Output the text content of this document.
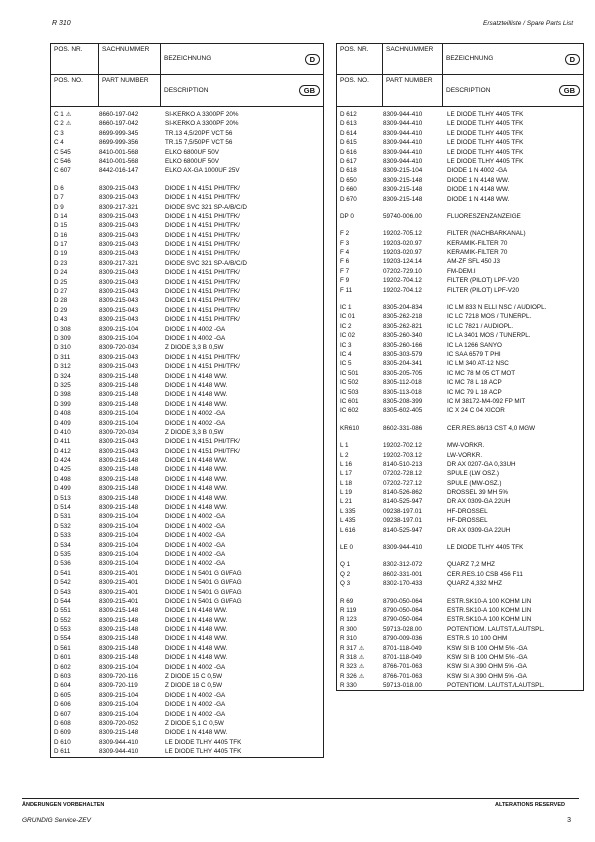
R 310	Ersatzteilliste / Spare Parts List
POS. NR.
POS. NO.
SACHNUMMER
PART NUMBER
BEZEICHNUNG	D
DESCRIPTION	GB
C 1 ⚠	8660-197-042	SI-KERKO A 3300PF 20%
C 2 ⚠	8660-197-042	SI-KERKO A 3300PF 20%
C 3	8699-999-345	TR.13 4,5/20PF VCT 56
C 4	8699-999-356	TR.15 7,5/50PF VCT 56
C 545	8410-001-568	ELKO 6800UF 50V
C 546	8410-001-568	ELKO 6800UF 50V
C 607	8442-016-147	ELKO AX-GA 1000UF 25V
D 6	8309-215-043	DIODE 1 N 4151 PHI/TFK/
D 7	8309-215-043	DIODE 1 N 4151 PHI/TFK/
D 9	8309-217-321	DIODE SVC 321 SP-A/B/C/D
D 14	8309-215-043	DIODE 1 N 4151 PHI/TFK/
D 15	8309-215-043	DIODE 1 N 4151 PHI/TFK/
D 16	8309-215-043	DIODE 1 N 4151 PHI/TFK/
D 17	8309-215-043	DIODE 1 N 4151 PHI/TFK/
D 19	8309-215-043	DIODE 1 N 4151 PHI/TFK/
D 23	8309-217-321	DIODE SVC 321 SP-A/B/C/D
D 24	8309-215-043	DIODE 1 N 4151 PHI/TFK/
D 25	8309-215-043	DIODE 1 N 4151 PHI/TFK/
D 27	8309-215-043	DIODE 1 N 4151 PHI/TFK/
D 28	8309-215-043	DIODE 1 N 4151 PHI/TFK/
D 29	8309-215-043	DIODE 1 N 4151 PHI/TFK/
D 43	8309-215-043	DIODE 1 N 4151 PHI/TFK/
D 308	8309-215-104	DIODE 1 N 4002 -GA
D 309	8309-215-104	DIODE 1 N 4002 -GA
D 310	8309-720-034	Z DIODE 3,3 B 0,5W
D 311	8309-215-043	DIODE 1 N 4151 PHI/TFK/
D 312	8309-215-043	DIODE 1 N 4151 PHI/TFK/
D 324	8309-215-148	DIODE 1 N 4148 WW.
D 325	8309-215-148	DIODE 1 N 4148 WW.
D 398	8309-215-148	DIODE 1 N 4148 WW.
D 399	8309-215-148	DIODE 1 N 4148 WW.
D 408	8309-215-104	DIODE 1 N 4002 -GA
D 409	8309-215-104	DIODE 1 N 4002 -GA
D 410	8309-720-034	Z DIODE 3,3 B 0,5W
D 411	8309-215-043	DIODE 1 N 4151 PHI/TFK/
D 412	8309-215-043	DIODE 1 N 4151 PHI/TFK/
D 424	8309-215-148	DIODE 1 N 4148 WW.
D 425	8309-215-148	DIODE 1 N 4148 WW.
D 498	8309-215-148	DIODE 1 N 4148 WW.
D 499	8309-215-148	DIODE 1 N 4148 WW.
D 513	8309-215-148	DIODE 1 N 4148 WW.
D 514	8309-215-148	DIODE 1 N 4148 WW.
D 531	8309-215-104	DIODE 1 N 4002 -GA
D 532	8309-215-104	DIODE 1 N 4002 -GA
D 533	8309-215-104	DIODE 1 N 4002 -GA
D 534	8309-215-104	DIODE 1 N 4002 -GA
D 535	8309-215-104	DIODE 1 N 4002 -GA
D 536	8309-215-104	DIODE 1 N 4002 -GA
D 541	8309-215-401	DIODE 1 N 5401 G GI/FAG
D 542	8309-215-401	DIODE 1 N 5401 G GI/FAG
D 543	8309-215-401	DIODE 1 N 5401 G GI/FAG
D 544	8309-215-401	DIODE 1 N 5401 G GI/FAG
D 551	8309-215-148	DIODE 1 N 4148 WW.
D 552	8309-215-148	DIODE 1 N 4148 WW.
D 553	8309-215-148	DIODE 1 N 4148 WW.
D 554	8309-215-148	DIODE 1 N 4148 WW.
D 561	8309-215-148	DIODE 1 N 4148 WW.
D 601	8309-215-148	DIODE 1 N 4148 WW.
D 602	8309-215-104	DIODE 1 N 4002 -GA
D 603	8309-720-116	Z DIODE 15 C 0,5W
D 604	8309-720-119	Z DIODE 18 C 0,5W
D 605	8309-215-104	DIODE 1 N 4002 -GA
D 606	8309-215-104	DIODE 1 N 4002 -GA
D 607	8309-215-104	DIODE 1 N 4002 -GA
D 608	8309-720-052	Z DIODE 5,1 C 0,5W
D 609	8309-215-148	DIODE 1 N 4148 WW.
D 610	8309-944-410	LE DIODE TLHY 4405 TFK
D 611	8309-944-410	LE DIODE TLHY 4405 TFK
POS. NR.
POS. NO.
SACHNUMMER
PART NUMBER
BEZEICHNUNG	D
DESCRIPTION	GB
D 612	8309-944-410	LE DIODE TLHY 4405 TFK
D 613	8309-944-410	LE DIODE TLHY 4405 TFK
D 614	8309-944-410	LE DIODE TLHY 4405 TFK
D 615	8309-944-410	LE DIODE TLHY 4405 TFK
D 616	8309-944-410	LE DIODE TLHY 4405 TFK
D 617	8309-944-410	LE DIODE TLHY 4405 TFK
D 618	8309-215-104	DIODE 1 N 4002 -GA
D 650	8309-215-148	DIODE 1 N 4148 WW.
D 660	8309-215-148	DIODE 1 N 4148 WW.
D 670	8309-215-148	DIODE 1 N 4148 WW.
DP 0	59740-006.00	FLUORESZENZANZEIGE
F 2	19202-705.12	FILTER (NACHBARKANAL)
F 3	19203-020.97	KERAMIK-FILTER 70
F 4	19203-020.97	KERAMIK-FILTER 70
F 6	19203-124.14	AM-ZF SFL 450 J3
F 7	07202-729.10	FM-DEM.I
F 9	19202-704.12	FILTER (PILOT) LPF-V20
F 11	19202-704.12	FILTER (PILOT) LPF-V20
IC 1	8305-204-834	IC LM 833 N ELLI NSC / AUDIOPL.
IC 01	8305-262-218	IC LC 7218 MOS / TUNERPL.
IC 2	8305-262-821	IC LC 7821 / AUDIOPL.
IC 02	8305-260-340	IC LA 3401 MOS / TUNERPL.
IC 3	8305-260-166	IC LA 1266 SANYO
IC 4	8305-303-579	IC SAA 6579 T PHI
IC 5	8305-204-341	IC LM 340 AT-12 NSC
IC 501	8305-205-705	IC MC 78 M 05 CT MOT
IC 502	8305-112-018	IC MC 78 L 18 ACP
IC 503	8305-113-018	IC MC 79 L 18 ACP
IC 601	8305-208-399	IC M 38172-M4-092 FP MIT
IC 602	8305-602-405	IC X 24 C 04 XICOR
KR610	8602-331-086	CER.RES.86/13 CST 4,0 MGW
L 1	19202-702.12	MW-VORKR.
L 2	19202-703.12	LW-VORKR.
L 16	8140-510-213	DR AX 0207-GA 0,33UH
L 17	07202-728.12	SPULE (LW OSZ.)
L 18	07202-727.12	SPULE (MW-OSZ.)
L 19	8140-526-862	DROSSEL 39 MH 5%
L 21	8140-525-947	DR AX 0309-GA 22UH
L 335	09238-197.01	HF-DROSSEL
L 435	09238-197.01	HF-DROSSEL
L 616	8140-525-947	DR AX 0309-GA 22UH
LE 0	8309-944-410	LE DIODE TLHY 4405 TFK
Q 1	8302-312-072	QUARZ 7,2 MHZ
Q 2	8602-331-001	CER.RES.10 CSB 456 F11
Q 3	8302-170-433	QUARZ 4,332 MHZ
R 69	8790-050-064	ESTR.SK10-A 100 KOHM LIN
R 119	8790-050-064	ESTR.SK10-A 100 KOHM LIN
R 123	8790-050-064	ESTR.SK10-A 100 KOHM LIN
R 300	59713-028.00	POTENTIOM. LAUTST./LAUTSPL.
R 310	8790-009-036	ESTR.S 10 100 OHM
R 317 ⚠	8701-118-049	KSW SI B 100 OHM 5% -GA
R 318 ⚠	8701-118-049	KSW SI B 100 OHM 5% -GA
R 323 ⚠	8766-701-063	KSW SI A 390 OHM 5% -GA
R 326 ⚠	8766-701-063	KSW SI A 390 OHM 5% -GA
R 330	59713-018.00	POTENTIOM. LAUTST./LAUTSPL.
ÄNDERUNGEN VORBEHALTEN	ALTERATIONS RESERVED
GRUNDIG Service-ZEV	3
